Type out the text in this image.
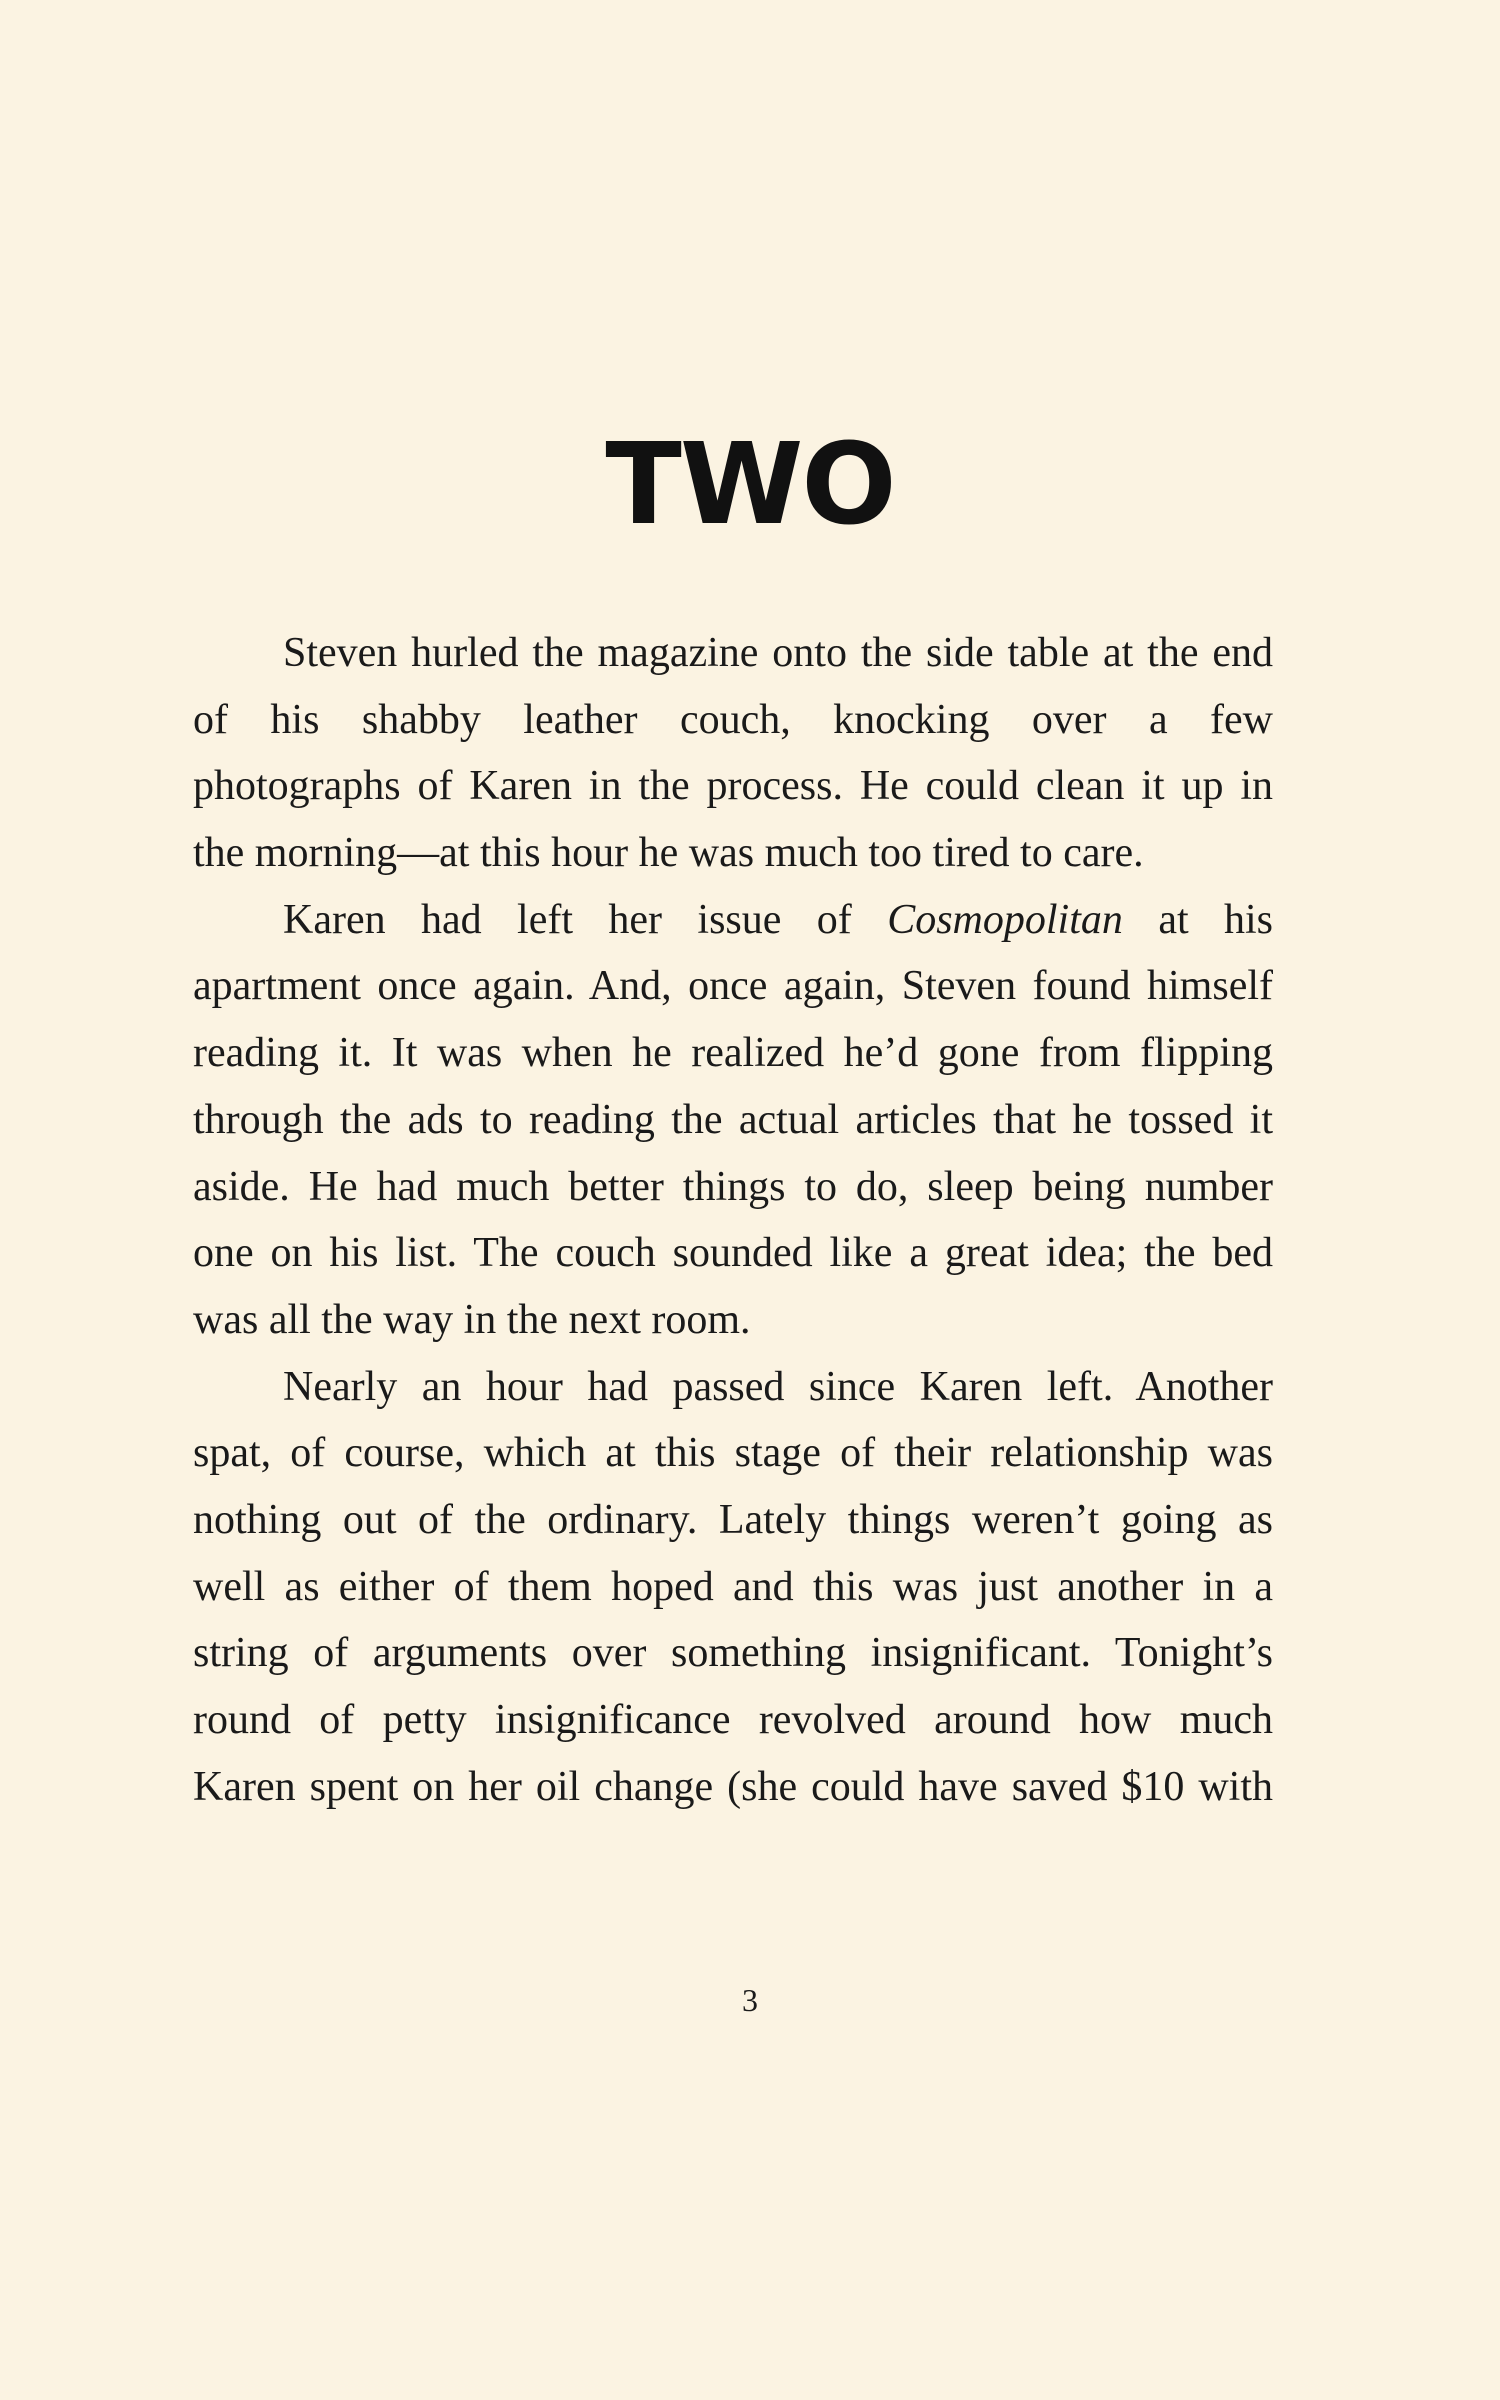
TWO
Steven hurled the magazine onto the side table at the end
of his shabby leather couch, knocking over a few
photographs of Karen in the process. He could clean it up in
the morning—at this hour he was much too tired to care.
Karen had left her issue of Cosmopolitan at his
apartment once again. And, once again, Steven found himself
reading it. It was when he realized he’d gone from flipping
through the ads to reading the actual articles that he tossed it
aside. He had much better things to do, sleep being number
one on his list. The couch sounded like a great idea; the bed
was all the way in the next room.
Nearly an hour had passed since Karen left. Another
spat, of course, which at this stage of their relationship was
nothing out of the ordinary. Lately things weren’t going as
well as either of them hoped and this was just another in a
string of arguments over something insignificant. Tonight’s
round of petty insignificance revolved around how much
Karen spent on her oil change (she could have saved $10 with
3
